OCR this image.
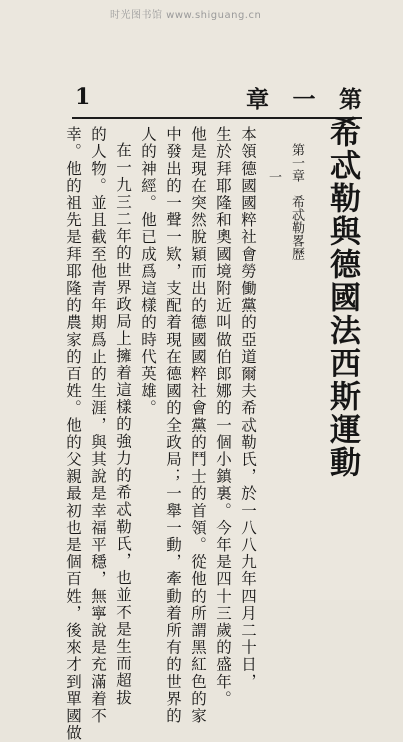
时光图书馆 www.shiguang.cn
1	章 一 第
希忒勒與德國法西斯運動
第一章　希忒勒畧歷
一
本領德國國粹社會勞働黨的亞道爾夫希忒勒氏，於一八八九年四月二十日，
生於拜耶隆和奧國境附近叫做伯郎娜的一個小鎮裏。今年是四十三歲的盛年。
他是現在突然脫穎而出的德國國粹社會黨的鬥士的首領。從他的所謂黑紅色的家
中發出的一聲一欵，支配着現在德國的全政局；一舉一動，牽動着所有的世界的
人的神經。他已成爲這樣的時代英雄。
在一九三二年的世界政局上擁着這樣的強力的希忒勒氏，也並不是生而超拔
的人物。並且截至他青年期爲止的生涯，與其說是幸福平穩，無寧說是充滿着不
幸。他的祖先是拜耶隆的農家的百姓。他的父親最初也是個百姓，後來才到單國做
